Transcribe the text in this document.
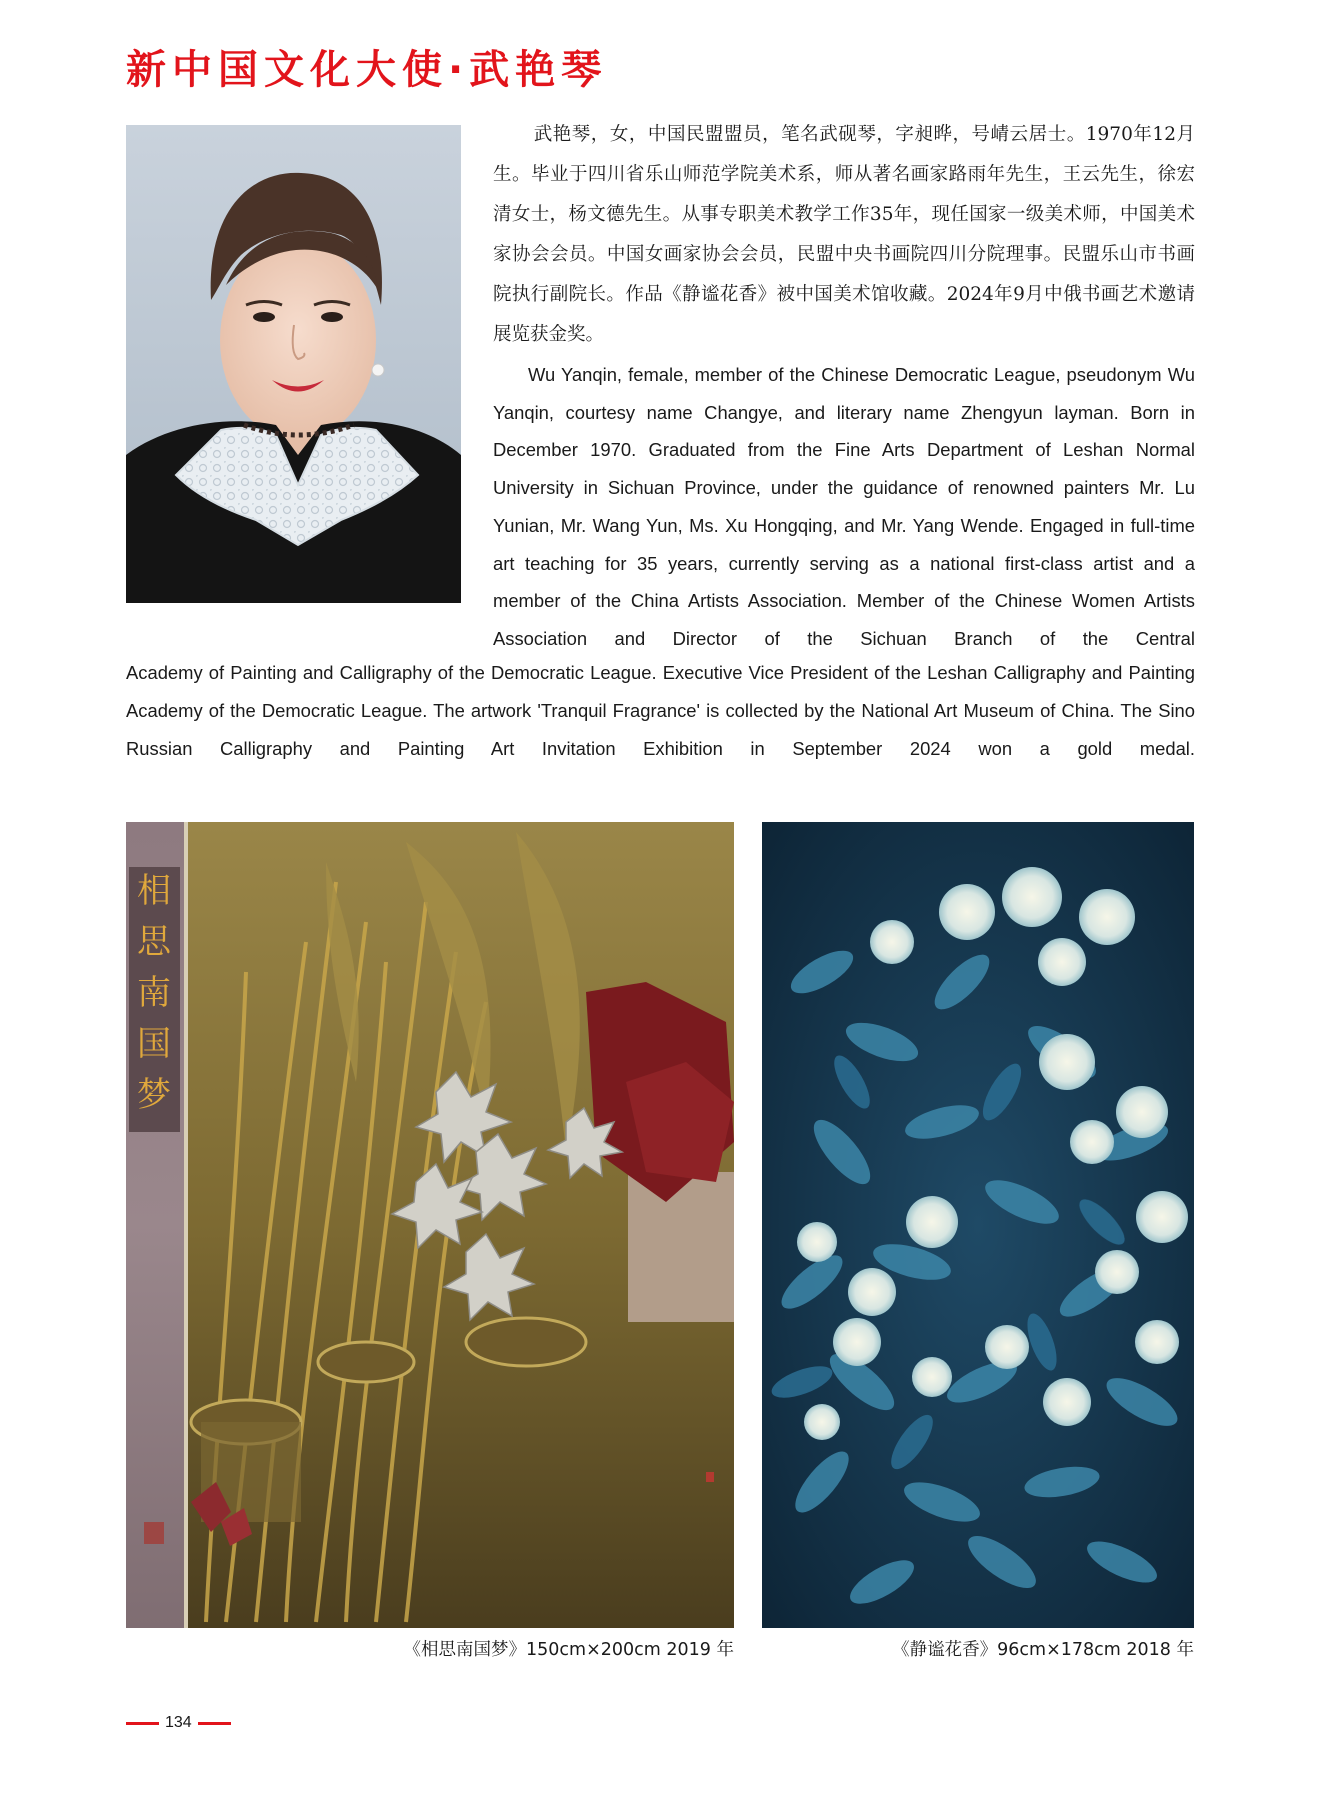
新中国文化大使·武艳琴

武艳琴，女，中国民盟盟员，笔名武砚琴，字昶晔，号崝云居士。1970年12月生。毕业于四川省乐山师范学院美术系，师从著名画家路雨年先生，王云先生，徐宏清女士，杨文德先生。从事专职美术教学工作35年，现任国家一级美术师，中国美术家协会会员。中国女画家协会会员，民盟中央书画院四川分院理事。民盟乐山市书画院执行副院长。作品《静谧花香》被中国美术馆收藏。2024年9月中俄书画艺术邀请展览获金奖。

Wu Yanqin, female, member of the Chinese Democratic League, pseudonym Wu Yanqin, courtesy name Changye, and literary name Zhengyun layman. Born in December 1970. Graduated from the Fine Arts Department of Leshan Normal University in Sichuan Province, under the guidance of renowned painters Mr. Lu Yunian, Mr. Wang Yun, Ms. Xu Hongqing, and Mr. Yang Wende. Engaged in full-time art teaching for 35 years, currently serving as a national first-class artist and a member of the China Artists Association. Member of the Chinese Women Artists Association and Director of the Sichuan Branch of the Central

Academy of Painting and Calligraphy of the Democratic League. Executive Vice President of the Leshan Calligraphy and Painting Academy of the Democratic League. The artwork 'Tranquil Fragrance' is collected by the National Art Museum of China. The Sino Russian Calligraphy and Painting Art Invitation Exhibition in September 2024 won a gold medal.

相
思
南
国
梦
《相思南国梦》150cm×200cm 2019 年	《静谧花香》96cm×178cm 2018 年
134
